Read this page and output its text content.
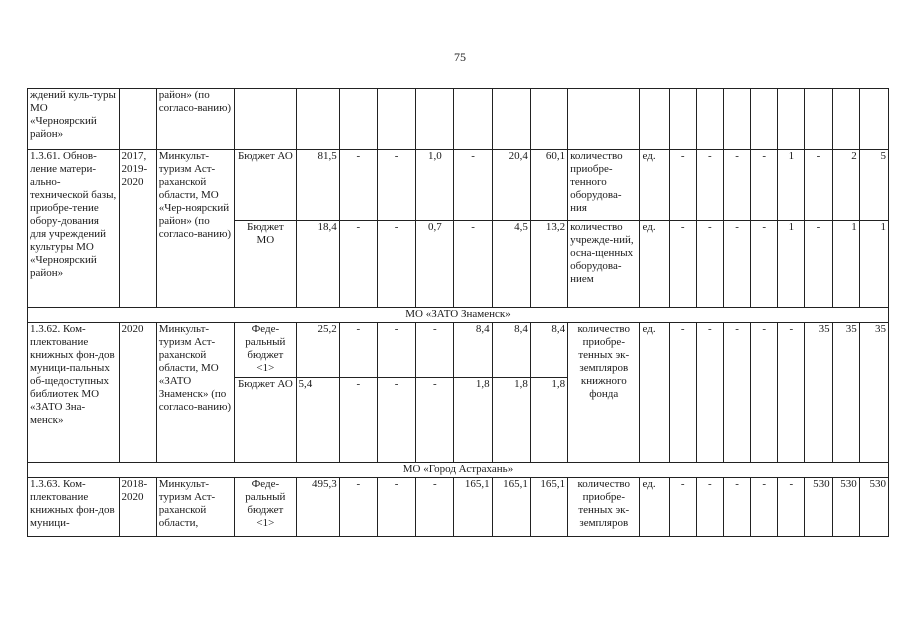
75
ждений куль-туры МО «Черноярский район»		район» (по согласо-ванию)																		
1.3.61. Обнов-ление матери-ально-технической базы, приобре-тение обору-дования для учреждений культуры МО «Черноярский район»	2017, 2019-2020	Минкульт-туризм Аст-раханской области, МО «Чер-ноярский район» (по согласо-ванию)	Бюджет АО	81,5	-	-	1,0	-	20,4	60,1	количество приобре-тенного оборудова-ния	ед.	-	-	-	-	1	-	2	5
			Бюджет МО	18,4	-	-	0,7	-	4,5	13,2	количество учрежде-ний, осна-щенных оборудова-нием	ед.	-	-	-	-	1	-	1	1
МО «ЗАТО Знаменск»																				
1.3.62. Ком-плектование книжных фон-дов муници-пальных об-щедоступных библиотек МО «ЗАТО Зна-менск»	2020	Минкульт-туризм Аст-раханской области, МО «ЗАТО Знаменск» (по согласо-ванию)	Феде-ральный бюджет <1>	25,2	-	-	-	8,4	8,4	8,4	количество приобре-тенных эк-земпляров книжного фонда	ед.	-	-	-	-	-	35	35	35
			Бюджет АО	5,4	-	-	-	1,8	1,8	1,8										
МО «Город Астрахань»																				
1.3.63. Ком-плектование книжных фон-дов муници-	2018-2020	Минкульт-туризм Аст-раханской области,	Феде-ральный бюджет <1>	495,3	-	-	-	165,1	165,1	165,1	количество приобре-тенных эк-земпляров	ед.	-	-	-	-	-	530	530	530
